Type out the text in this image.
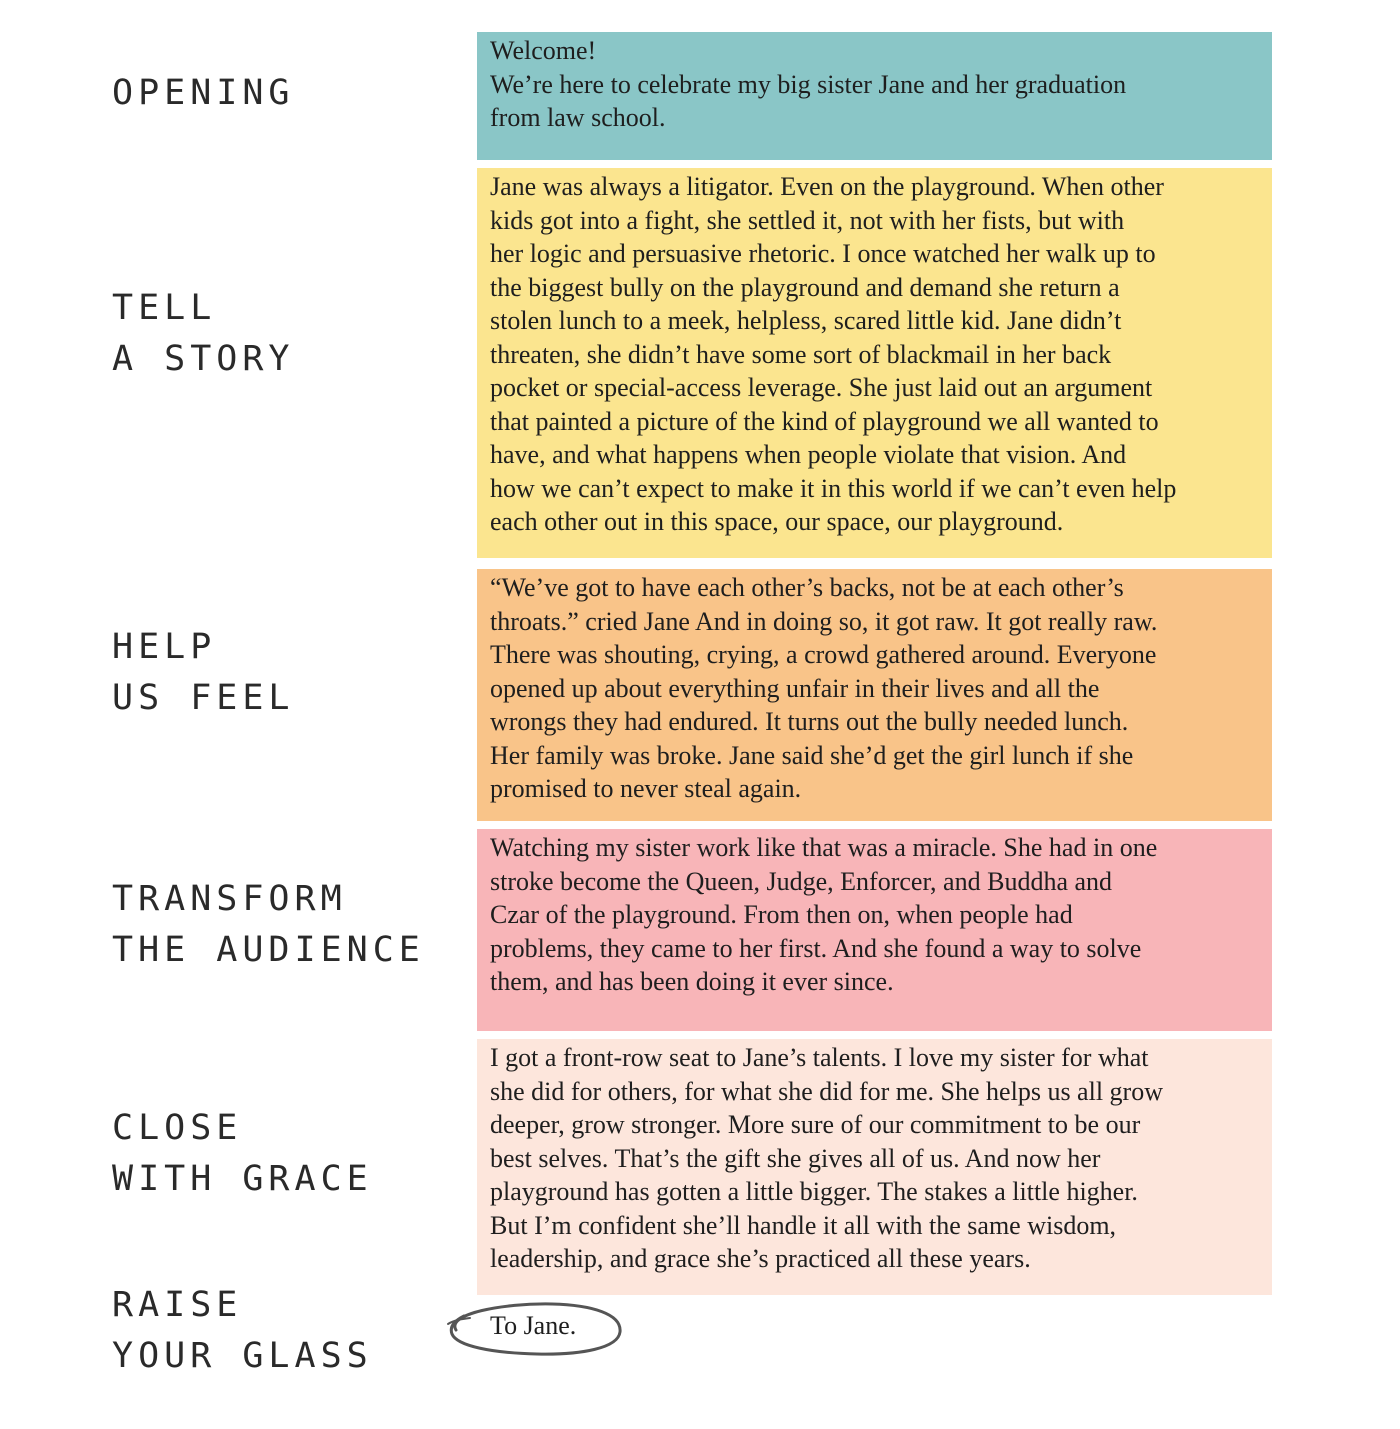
OPENING
TELL
A STORY
HELP
US FEEL
TRANSFORM
THE AUDIENCE
CLOSE
WITH GRACE
RAISE
YOUR GLASS
Welcome!
We’re here to celebrate my big sister Jane and her graduation
from law school.
Jane was always a litigator. Even on the playground. When other
kids got into a fight, she settled it, not with her fists, but with
her logic and persuasive rhetoric. I once watched her walk up to
the biggest bully on the playground and demand she return a
stolen lunch to a meek, helpless, scared little kid. Jane didn’t
threaten, she didn’t have some sort of blackmail in her back
pocket or special-access leverage. She just laid out an argument
that painted a picture of the kind of playground we all wanted to
have, and what happens when people violate that vision. And
how we can’t expect to make it in this world if we can’t even help
each other out in this space, our space, our playground.
“We’ve got to have each other’s backs, not be at each other’s
throats.” cried Jane And in doing so, it got raw. It got really raw.
There was shouting, crying, a crowd gathered around. Everyone
opened up about everything unfair in their lives and all the
wrongs they had endured. It turns out the bully needed lunch.
Her family was broke. Jane said she’d get the girl lunch if she
promised to never steal again.
Watching my sister work like that was a miracle. She had in one
stroke become the Queen, Judge, Enforcer, and Buddha and
Czar of the playground. From then on, when people had
problems, they came to her first. And she found a way to solve
them, and has been doing it ever since.
I got a front-row seat to Jane’s talents. I love my sister for what
she did for others, for what she did for me. She helps us all grow
deeper, grow stronger. More sure of our commitment to be our
best selves. That’s the gift she gives all of us. And now her
playground has gotten a little bigger. The stakes a little higher.
But I’m confident she’ll handle it all with the same wisdom,
leadership, and grace she’s practiced all these years.
To Jane.
